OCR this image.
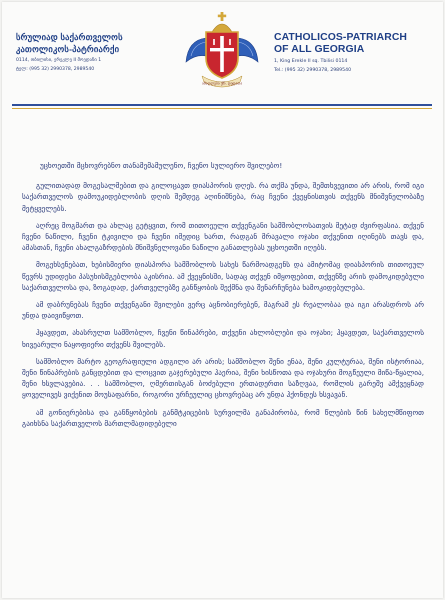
სრულიად საქართველოს
კათოლიკოს-პატრიარქი
0114, თბილისი, ერეკლე II მოედანი 1
ტელ: (995 32) 2990378, 2989540
ამაღლება ქრ. დედათა
CATHOLICOS-PATRIARCH
OF ALL GEORGIA
1, King Erekle II sq. Tbilisi 0114
Tel.: (995 32) 2990378, 2989540

უცხოეთში მცხოვრებნო თანამემამულენო, ჩვენო სულიერო შვილებო!

გულითადად მოგესალმებით და გილოცავთ დიასპორის დღეს. რა თქმა უნდა, შემთხვევითი არ არის, რომ იგი საქართველოს დამოუკიდებლობის დღის შემდეგ აღინიშნება, რაც ჩვენი ქვეყნისთვის თქვენს მნიშვნელობაზე მეტყველებს.

აღრეც მოგმართ და ახლაც გეტყვით, რომ თითოეული თქვენგანი სამშობლოსათვის მეტად ძვირფასია. თქვენ ჩვენი ნაწილი, ჩვენი ტკივილი და ჩვენი იმედიც ხართ, რადგან მრავალი ოჯახი თქვენით იღინებს თავს და, ამასთან, ჩვენი ახალგაზრდების მნიშვნელოვანი ნაწილი განათლებას უცხოეთში იღებს.

მოგეხსენებათ, ხებისმიერი დიასპორა სამშობლოს სახეს წარმოადგენს და ამიტომაც დიასპორის თითოეულ წევრს უდიდესი პასუხისმგებლობა აკისრია. ამ ქვეყნისში, სადაც თქვენ იმყოფებით, თქვენზე არის დამოკიდებული საქართველოსა და, ზოგადად, ქართველებზე განწყობის შექმნა და შენარჩუნება ხამოკიდებულება.

ამ დაბრუნებას ჩვენი თქვენგანი შვილები ვერც აცნობიერებენ, მაგრამ ეს რეალობაა და იგი არასდროს არ უნდა დაივიწყოთ.

ჰყავდეთ, ახასრულთ სამშობლო, ჩვენი წინაპრები, თქვენი ახლობლები და ოჯახი; ჰყავდეთ, საქართველოს ხივეარული ნაყოფიერი თქვენს შვილებს.

სამშობლო მარტო გეოგრაფიული ადგილი არ არის; სამშობლო შენი ენაა, შენი კულტურაა, შენი ისტორიაა, შენი წინაპრების განცდებით და ლოცვით გაჯერებული ჰაერია, შენი ხისწოთა და ოჯახური მოგწეული მიწა-წყალია, შენი ხსვლავებია. . . სამშობლო, ღმერთისგან ბოძებული ერთადერთი საზღვაა, რომლის გარეშე ამქვეყნად ყოველივეს ვიქენით მოუსაფარნი, როგორი ურჩეულიც ცხოვრებაც არ უნდა ჰქონდეს ხსვავან.

ამ გონიერებისა და განწყობების განმტკიცების სურვილმა განაპირობა, რომ წლების წინ სახელმწიფოთ გაიხსნა საქართველოს მართლმადიდებელი
